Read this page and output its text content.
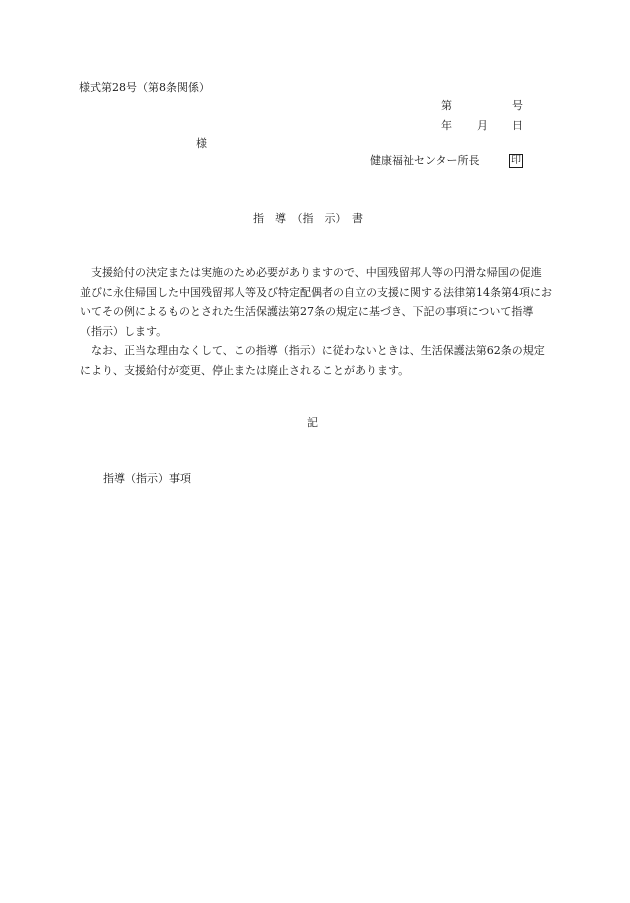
様式第28号（第8条関係）
第	号
年 月 日
様
健康福祉センター所長	印
指　導　（指　示）　書

支援給付の決定または実施のため必要がありますので、中国残留邦人等の円滑な帰国の促進並びに永住帰国した中国残留邦人等及び特定配偶者の自立の支援に関する法律第14条第4項においてその例によるものとされた生活保護法第27条の規定に基づき、下記の事項について指導（指示）します。

なお、正当な理由なくして、この指導（指示）に従わないときは、生活保護法第62条の規定により、支援給付が変更、停止または廃止されることがあります。

記
指導（指示）事項
